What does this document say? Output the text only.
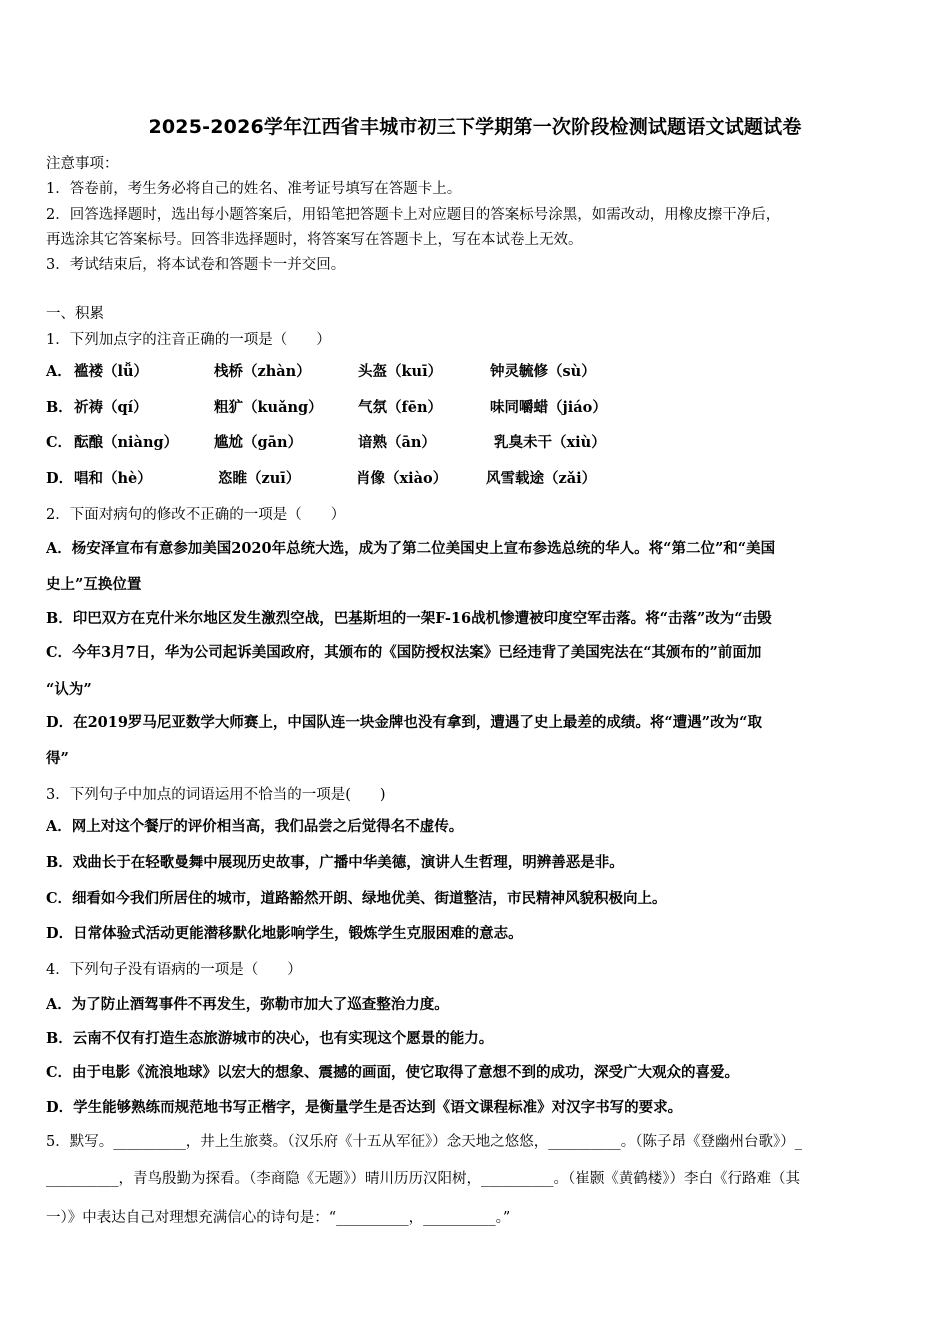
2025-2026学年江西省丰城市初三下学期第一次阶段检测试题语文试题试卷
注意事项：
1．答卷前，考生务必将自己的姓名、准考证号填写在答题卡上。
2．回答选择题时，选出每小题答案后，用铅笔把答题卡上对应题目的答案标号涂黑，如需改动，用橡皮擦干净后，
再选涂其它答案标号。回答非选择题时，将答案写在答题卡上，写在本试卷上无效。
3．考试结束后，将本试卷和答题卡一并交回。
一、积累
1．下列加点字的注音正确的一项是（　　）
A． 褴褛（lǚ）	栈桥（zhàn）	头盔（kuī）	钟灵毓修（sù）
B． 祈祷（qí）	粗犷（kuǎng） 气氛（fēn）	味同嚼蜡（jiáo）
C． 酝酿（niàng） 尴尬（gān）	谙熟（ān）	乳臭未干（xiù）
D． 唱和（hè）	恣睢（zuī）	肖像（xiào）	风雪载途（zǎi）
2．下面对病句的修改不正确的一项是（　　）
A．杨安泽宣布有意参加美国2020年总统大选，成为了第二位美国史上宣布参选总统的华人。将“第二位”和“美国
史上”互换位置
B．印巴双方在克什米尔地区发生激烈空战，巴基斯坦的一架F-16战机惨遭被印度空军击落。将“击落”改为“击毁
C．今年3月7日，华为公司起诉美国政府，其颁布的《国防授权法案》已经违背了美国宪法在“其颁布的”前面加
“认为”
D．在2019罗马尼亚数学大师赛上，中国队连一块金牌也没有拿到，遭遇了史上最差的成绩。将“遭遇”改为“取
得”
3．下列句子中加点的词语运用不恰当的一项是(　　)
A．网上对这个餐厅的评价相当高，我们品尝之后觉得名不虚传。
B．戏曲长于在轻歌曼舞中展现历史故事，广播中华美德，演讲人生哲理，明辨善恶是非。
C．细看如今我们所居住的城市，道路豁然开朗、绿地优美、街道整洁，市民精神风貌积极向上。
D．日常体验式活动更能潜移默化地影响学生，锻炼学生克服困难的意志。
4．下列句子没有语病的一项是（　　）
A．为了防止酒驾事件不再发生，弥勒市加大了巡查整治力度。
B．云南不仅有打造生态旅游城市的决心，也有实现这个愿景的能力。
C．由于电影《流浪地球》以宏大的想象、震撼的画面，使它取得了意想不到的成功，深受广大观众的喜爱。
D．学生能够熟练而规范地书写正楷字，是衡量学生是否达到《语文课程标准》对汉字书写的要求。
5．默写。__________，井上生旅葵。（汉乐府《十五从军征》）念天地之悠悠，__________。（陈子昂《登幽州台歌》）_
__________，青鸟殷勤为探看。（李商隐《无题》）晴川历历汉阳树，__________。（崔颢《黄鹤楼》）李白《行路难（其
一）》中表达自己对理想充满信心的诗句是：“__________，__________。”
